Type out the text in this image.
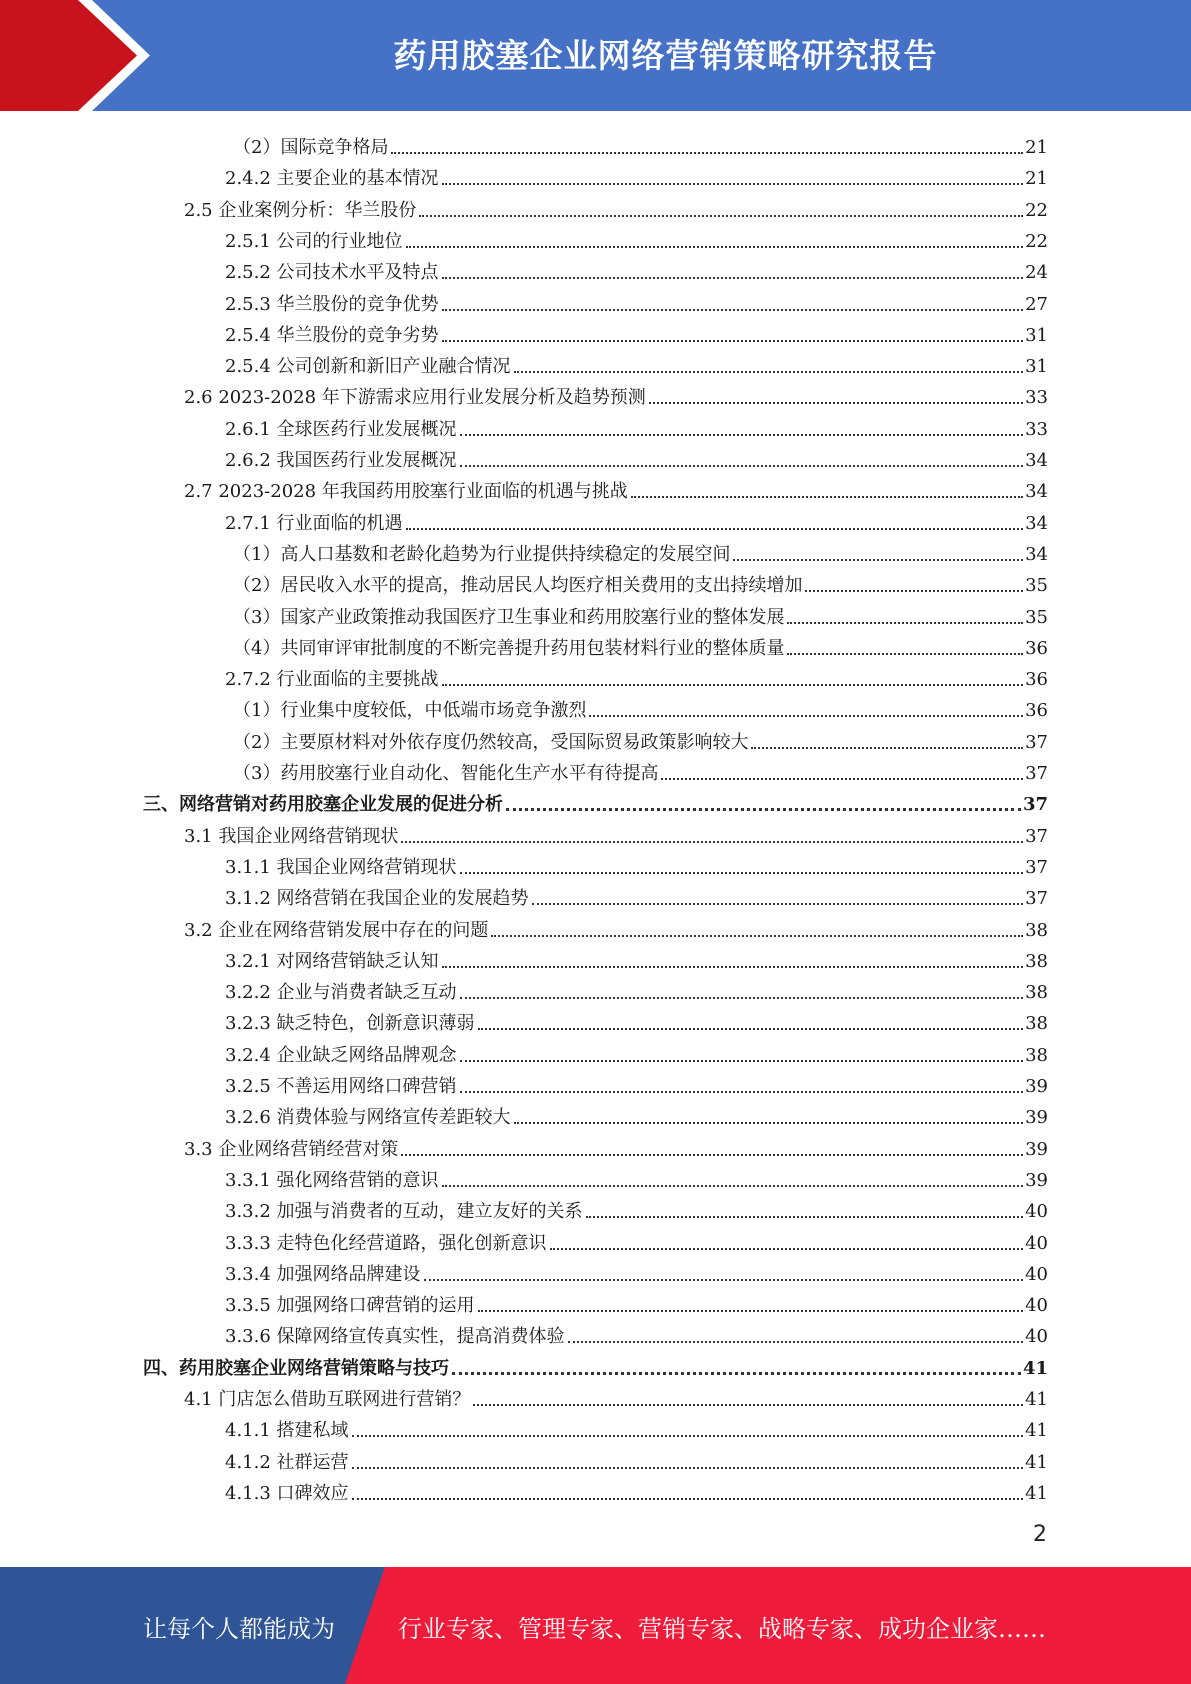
药用胶塞企业网络营销策略研究报告
（2）国际竞争格局	21
2.4.2 主要企业的基本情况	21
2.5 企业案例分析：华兰股份	22
2.5.1 公司的行业地位	22
2.5.2 公司技术水平及特点	24
2.5.3 华兰股份的竞争优势	27
2.5.4 华兰股份的竞争劣势	31
2.5.4 公司创新和新旧产业融合情况	31
2.6 2023-2028 年下游需求应用行业发展分析及趋势预测	33
2.6.1 全球医药行业发展概况	33
2.6.2 我国医药行业发展概况	34
2.7 2023-2028 年我国药用胶塞行业面临的机遇与挑战	34
2.7.1 行业面临的机遇	34
（1）高人口基数和老龄化趋势为行业提供持续稳定的发展空间	34
（2）居民收入水平的提高，推动居民人均医疗相关费用的支出持续增加	35
（3）国家产业政策推动我国医疗卫生事业和药用胶塞行业的整体发展	35
（4）共同审评审批制度的不断完善提升药用包装材料行业的整体质量	36
2.7.2 行业面临的主要挑战	36
（1）行业集中度较低，中低端市场竞争激烈	36
（2）主要原材料对外依存度仍然较高，受国际贸易政策影响较大	37
（3）药用胶塞行业自动化、智能化生产水平有待提高	37
三、网络营销对药用胶塞企业发展的促进分析	37
3.1 我国企业网络营销现状	37
3.1.1 我国企业网络营销现状	37
3.1.2 网络营销在我国企业的发展趋势	37
3.2 企业在网络营销发展中存在的问题	38
3.2.1 对网络营销缺乏认知	38
3.2.2 企业与消费者缺乏互动	38
3.2.3 缺乏特色，创新意识薄弱	38
3.2.4 企业缺乏网络品牌观念	38
3.2.5 不善运用网络口碑营销	39
3.2.6 消费体验与网络宣传差距较大	39
3.3 企业网络营销经营对策	39
3.3.1 强化网络营销的意识	39
3.3.2 加强与消费者的互动，建立友好的关系	40
3.3.3 走特色化经营道路，强化创新意识	40
3.3.4 加强网络品牌建设	40
3.3.5 加强网络口碑营销的运用	40
3.3.6 保障网络宣传真实性，提高消费体验	40
四、药用胶塞企业网络营销策略与技巧	41
4.1 门店怎么借助互联网进行营销？	41
4.1.1 搭建私域	41
4.1.2 社群运营	41
4.1.3 口碑效应	41
2
让每个人都能成为	行业专家、管理专家、营销专家、战略专家、成功企业家……
